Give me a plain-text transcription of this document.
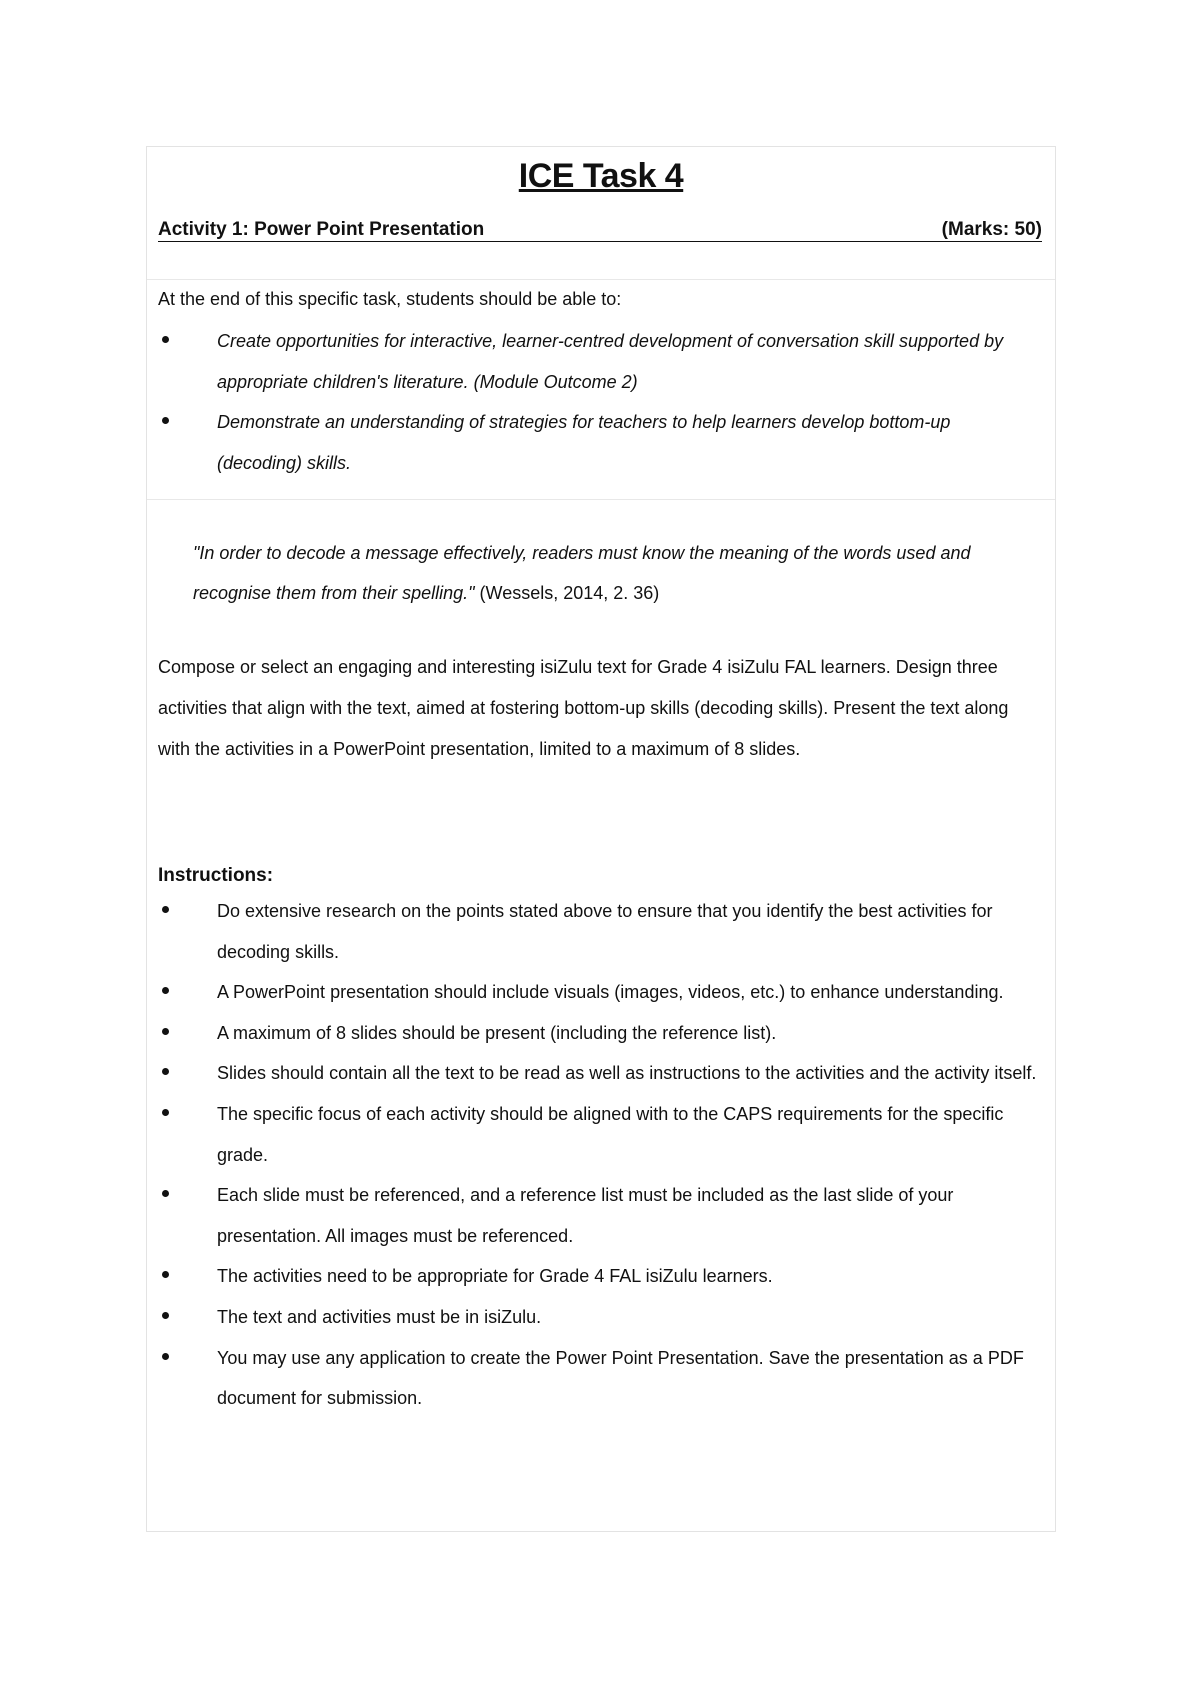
ICE Task 4
Activity 1: Power Point Presentation	(Marks: 50)
At the end of this specific task, students should be able to:
Create opportunities for interactive, learner-centred development of conversation skill supported by appropriate children's literature. (Module Outcome 2)
Demonstrate an understanding of strategies for teachers to help learners develop bottom-up (decoding) skills.
"In order to decode a message effectively, readers must know the meaning of the words used and recognise them from their spelling." (Wessels, 2014, 2. 36)

Compose or select an engaging and interesting isiZulu text for Grade 4 isiZulu FAL learners. Design three activities that align with the text, aimed at fostering bottom-up skills (decoding skills). Present the text along with the activities in a PowerPoint presentation, limited to a maximum of 8 slides.

Instructions:
Do extensive research on the points stated above to ensure that you identify the best activities for decoding skills.
A PowerPoint presentation should include visuals (images, videos, etc.) to enhance understanding.
A maximum of 8 slides should be present (including the reference list).
Slides should contain all the text to be read as well as instructions to the activities and the activity itself.
The specific focus of each activity should be aligned with to the CAPS requirements for the specific grade.
Each slide must be referenced, and a reference list must be included as the last slide of your presentation. All images must be referenced.
The activities need to be appropriate for Grade 4 FAL isiZulu learners.
The text and activities must be in isiZulu.
You may use any application to create the Power Point Presentation. Save the presentation as a PDF document for submission.
